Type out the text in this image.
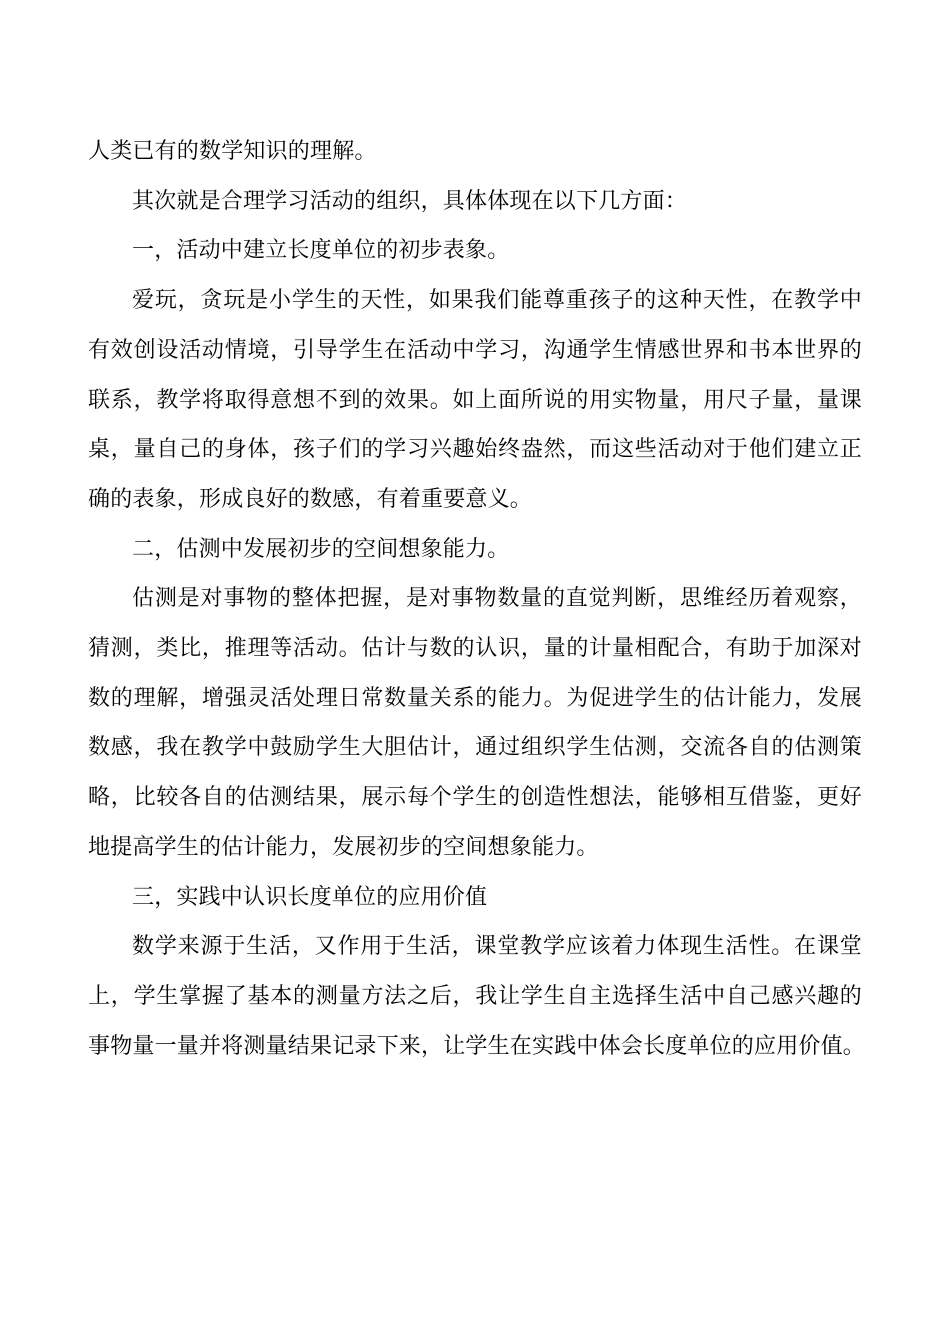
人类已有的数学知识的理解。
其次就是合理学习活动的组织，具体体现在以下几方面：
一，活动中建立长度单位的初步表象。
爱玩，贪玩是小学生的天性，如果我们能尊重孩子的这种天性，在教学中
有效创设活动情境，引导学生在活动中学习，沟通学生情感世界和书本世界的
联系，教学将取得意想不到的效果。如上面所说的用实物量，用尺子量，量课
桌，量自己的身体，孩子们的学习兴趣始终盎然，而这些活动对于他们建立正
确的表象，形成良好的数感，有着重要意义。
二，估测中发展初步的空间想象能力。
估测是对事物的整体把握，是对事物数量的直觉判断，思维经历着观察，
猜测，类比，推理等活动。估计与数的认识，量的计量相配合，有助于加深对
数的理解，增强灵活处理日常数量关系的能力。为促进学生的估计能力，发展
数感，我在教学中鼓励学生大胆估计，通过组织学生估测，交流各自的估测策
略，比较各自的估测结果，展示每个学生的创造性想法，能够相互借鉴，更好
地提高学生的估计能力，发展初步的空间想象能力。
三，实践中认识长度单位的应用价值
数学来源于生活，又作用于生活，课堂教学应该着力体现生活性。在课堂
上，学生掌握了基本的测量方法之后，我让学生自主选择生活中自己感兴趣的
事物量一量并将测量结果记录下来，让学生在实践中体会长度单位的应用价值。
